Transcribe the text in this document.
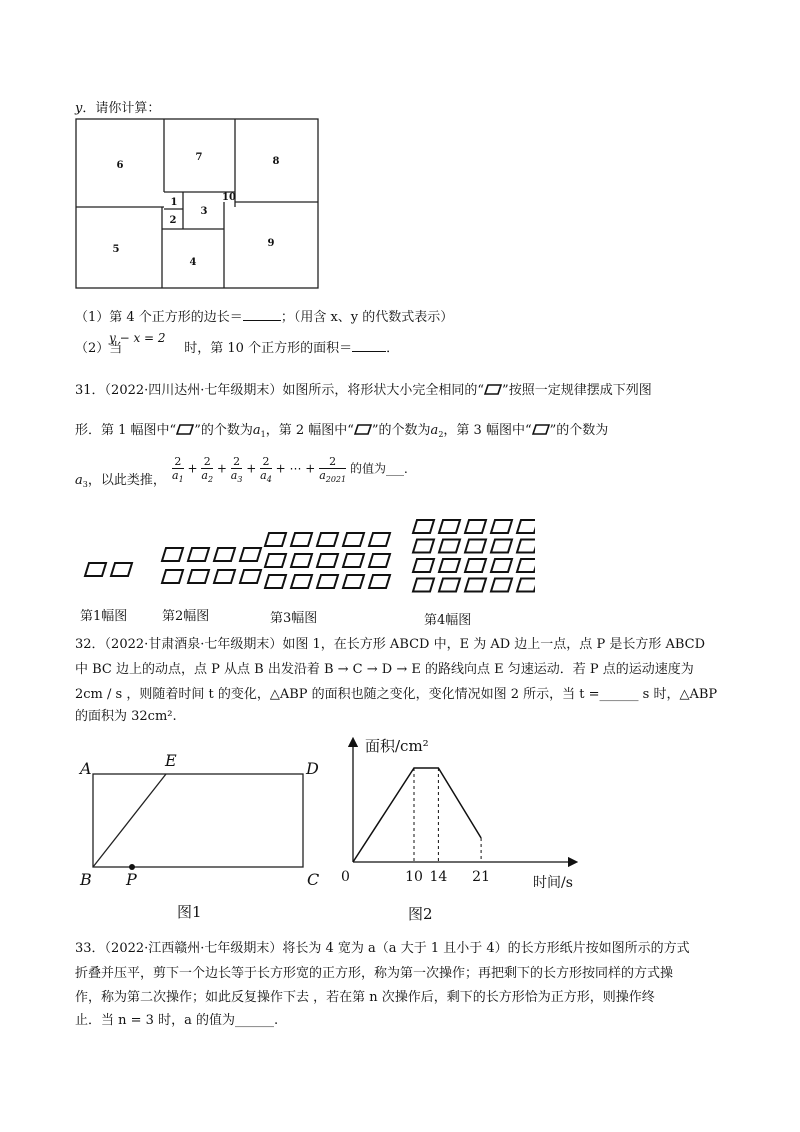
y．请你计算：
6
7	8
1
2
3
10
5
4
9
（1）第 4 个正方形的边长＝	；（用含 x、y 的代数式表示）
y − x = 2
（2）当	时，第 10 个正方形的面积＝	．
31．（2022·四川达州·七年级期末）如图所示，将形状大小完全相同的“ ”按照一定规律摆成下列图
形．第 1 幅图中“ ”的个数为$a_1$，第 2 幅图中“ ”的个数为$a_2$，第 3 幅图中“ ”的个数为
$a_3$，以此类推， $\frac{2}{a_1} + \frac{2}{a_2} + \frac{2}{a_3} + \frac{2}{a_4}$ + ⋯ + $\frac{2}{a_{2021}}$ 的值为___．
第1幅图	第2幅图	第3幅图	第4幅图
32．（2022·甘肃酒泉·七年级期末）如图 1，在长方形 ABCD 中，E 为 AD 边上一点，点 P 是长方形 ABCD
中 BC 边上的动点，点 P 从点 B 出发沿着 B → C → D → E 的路线向点 E 匀速运动．若 P 点的运动速度为
2cm / s ，则随着时间 t 的变化，△ABP 的面积也随之变化，变化情况如图 2 所示，当 t =______ s 时，△ABP
的面积为 32cm².
A	E	D
B P	C
图1
10 14 21
面积/cm²
时间/s
0
图2
33．（2022·江西赣州·七年级期末）将长为 4 宽为 a（a 大于 1 且小于 4）的长方形纸片按如图所示的方式
折叠并压平，剪下一个边长等于长方形宽的正方形，称为第一次操作；再把剩下的长方形按同样的方式操
作，称为第二次操作；如此反复操作下去 ，若在第 n 次操作后，剩下的长方形恰为正方形，则操作终
止．当 n = 3 时，a 的值为______.
